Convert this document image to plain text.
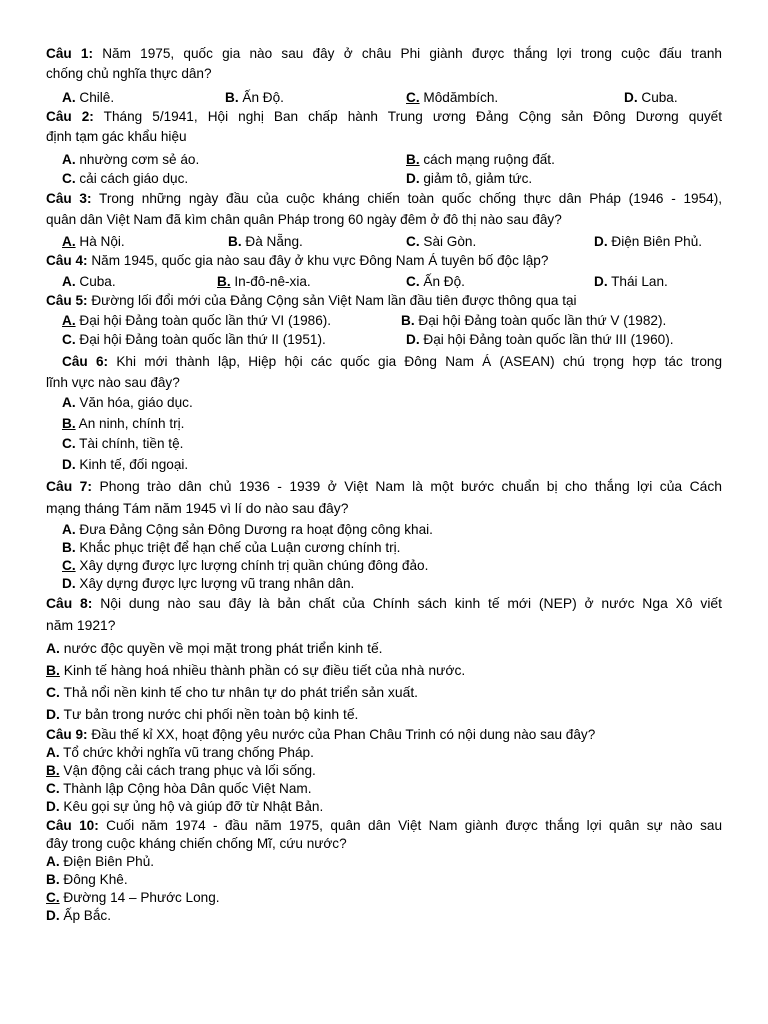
Câu 1: Năm 1975, quốc gia nào sau đây ở châu Phi giành được thắng lợi trong cuộc đấu tranh
chống chủ nghĩa thực dân?
A. Chilê.	B. Ấn Độ.	C. Môdămbích.	D. Cuba.
Câu 2: Tháng 5/1941, Hội nghị Ban chấp hành Trung ương Đảng Cộng sản Đông Dương quyết
định tạm gác khẩu hiệu
A. nhường cơm sẻ áo.	B. cách mạng ruộng đất.
C. cải cách giáo dục.	D. giảm tô, giảm tức.
Câu 3: Trong những ngày đầu của cuộc kháng chiến toàn quốc chống thực dân Pháp (1946 - 1954),
quân dân Việt Nam đã kìm chân quân Pháp trong 60 ngày đêm ở đô thị nào sau đây?
A. Hà Nội.	B. Đà Nẵng.	C. Sài Gòn.	D. Điện Biên Phủ.
Câu 4: Năm 1945, quốc gia nào sau đây ở khu vực Đông Nam Á tuyên bố độc lập?
A. Cuba.	B. In-đô-nê-xia.	C. Ấn Độ.	D. Thái Lan.
Câu 5: Đường lối đổi mới của Đảng Cộng sản Việt Nam lần đầu tiên được thông qua tại
A. Đại hội Đảng toàn quốc lần thứ VI (1986).	B. Đại hội Đảng toàn quốc lần thứ V (1982).
C. Đại hội Đảng toàn quốc lần thứ II (1951).	D. Đại hội Đảng toàn quốc lần thứ III (1960).
Câu 6: Khi mới thành lập, Hiệp hội các quốc gia Đông Nam Á (ASEAN) chú trọng hợp tác trong
lĩnh vực nào sau đây?
A. Văn hóa, giáo dục.
B. An ninh, chính trị.
C. Tài chính, tiền tệ.
D. Kinh tế, đối ngoại.
Câu 7: Phong trào dân chủ 1936 - 1939 ở Việt Nam là một bước chuẩn bị cho thắng lợi của Cách
mạng tháng Tám năm 1945 vì lí do nào sau đây?
A. Đưa Đảng Cộng sản Đông Dương ra hoạt động công khai.
B. Khắc phục triệt để hạn chế của Luận cương chính trị.
C. Xây dựng được lực lượng chính trị quần chúng đông đảo.
D. Xây dựng được lực lượng vũ trang nhân dân.
Câu 8: Nội dung nào sau đây là bản chất của Chính sách kinh tế mới (NEP) ở nước Nga Xô viết
năm 1921?
A. nước độc quyền về mọi mặt trong phát triển kinh tế.
B. Kinh tế hàng hoá nhiều thành phần có sự điều tiết của nhà nước.
C. Thả nổi nền kinh tế cho tư nhân tự do phát triển sản xuất.
D. Tư bản trong nước chi phối nền toàn bộ kinh tế.
Câu 9: Đầu thế kỉ XX, hoạt động yêu nước của Phan Châu Trinh có nội dung nào sau đây?
A. Tổ chức khởi nghĩa vũ trang chống Pháp.
B. Vận động cải cách trang phục và lối sống.
C. Thành lập Cộng hòa Dân quốc Việt Nam.
D. Kêu gọi sự ủng hộ và giúp đỡ từ Nhật Bản.
Câu 10: Cuối năm 1974 - đầu năm 1975, quân dân Việt Nam giành được thắng lợi quân sự nào sau
đây trong cuộc kháng chiến chống Mĩ, cứu nước?
A. Điện Biên Phủ.
B. Đông Khê.
C. Đường 14 – Phước Long.
D. Ấp Bắc.
